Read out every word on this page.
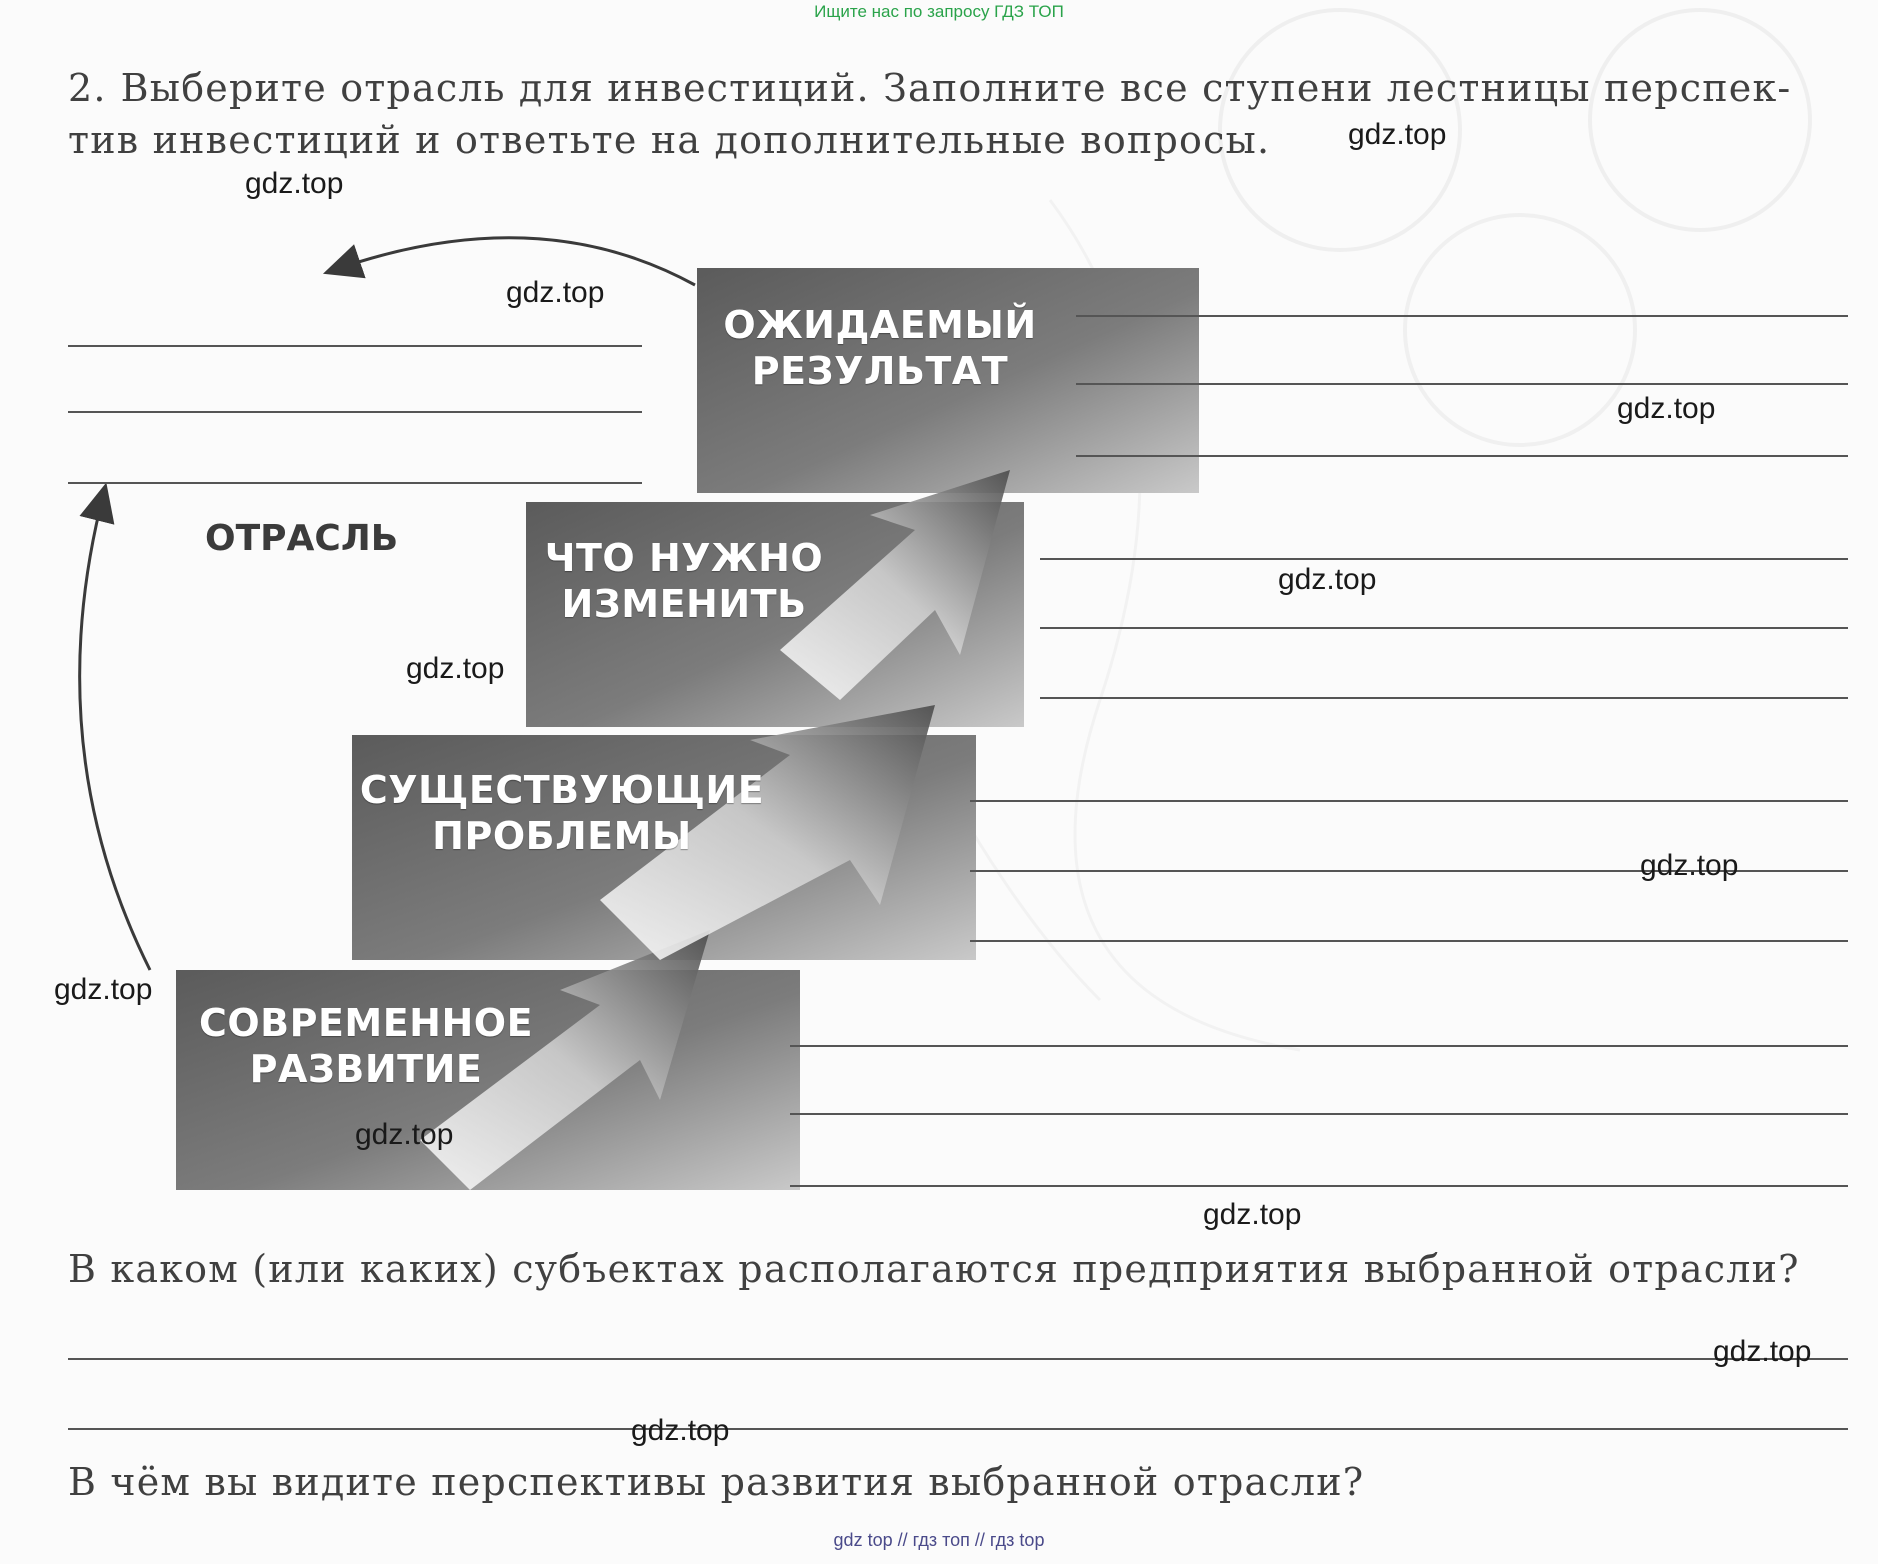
Ищите нас по запросу ГДЗ ТОП
2. Выберите отрасль для инвестиций. Заполните все ступени лестницы перспек-
тив инвестиций и ответьте на дополнительные вопросы.
ОТРАСЛЬ
СОВРЕМЕННОЕ
РАЗВИТИЕ
СУЩЕСТВУЮЩИЕ
ПРОБЛЕМЫ
ЧТО НУЖНО
ИЗМЕНИТЬ
ОЖИДАЕМЫЙ
РЕЗУЛЬТАТ
В каком (или каких) субъектах располагаются предприятия выбранной отрасли?
В чём вы видите перспективы развития выбранной отрасли?
gdz.top
gdz.top
gdz.top
gdz.top
gdz.top
gdz.top
gdz.top
gdz.top
gdz.top
gdz.top
gdz.top
gdz.top
gdz top // гдз топ // гдз top
